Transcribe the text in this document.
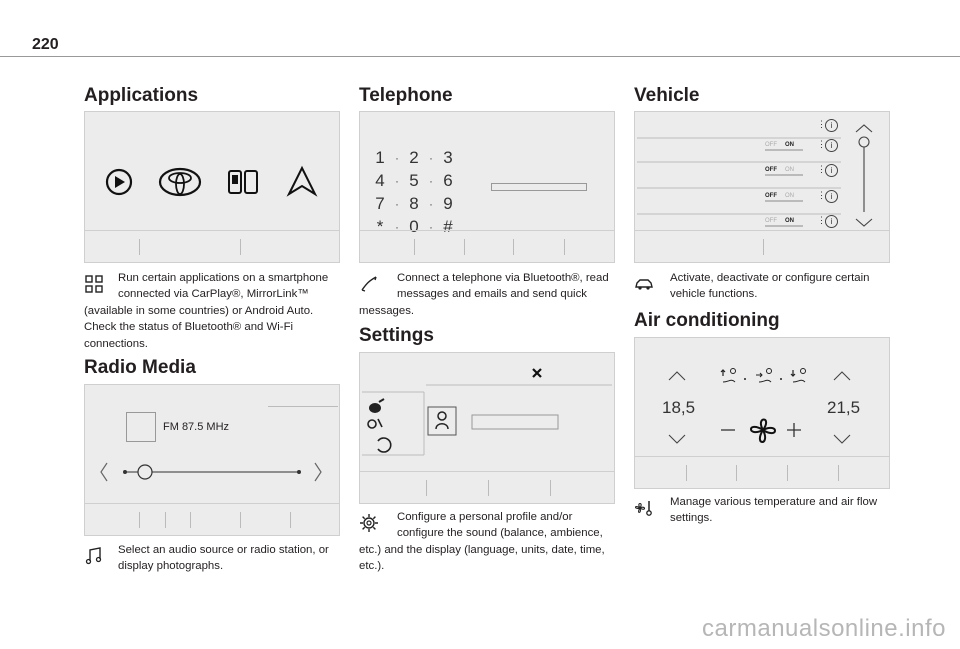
220
Applications
Run certain applications on a smartphone
connected via CarPlay®, MirrorLink™
(available in some countries) or Android Auto.
Check the status of Bluetooth® and Wi-Fi
connections.
Radio Media
FM 87.5 MHz
Select an audio source or radio station, or
display photographs.
Telephone
1 · 2 · 3
4 · 5 · 6
7 · 8 · 9
* · 0 · #
Connect a telephone via Bluetooth®, read
messages and emails and send quick
messages.
Settings
Configure a personal profile and/or
configure the sound (balance, ambience,
etc.) and the display (language, units, date, time,
etc.).
Vehicle
OFF ON	⋮ i
OFF ON	⋮ i
OFF ON	⋮ i
OFF ON	⋮ i
⋮ i
Activate, deactivate or configure certain
vehicle functions.
Air conditioning
18,5	21,5
Manage various temperature and air flow
settings.
carmanualsonline.info
